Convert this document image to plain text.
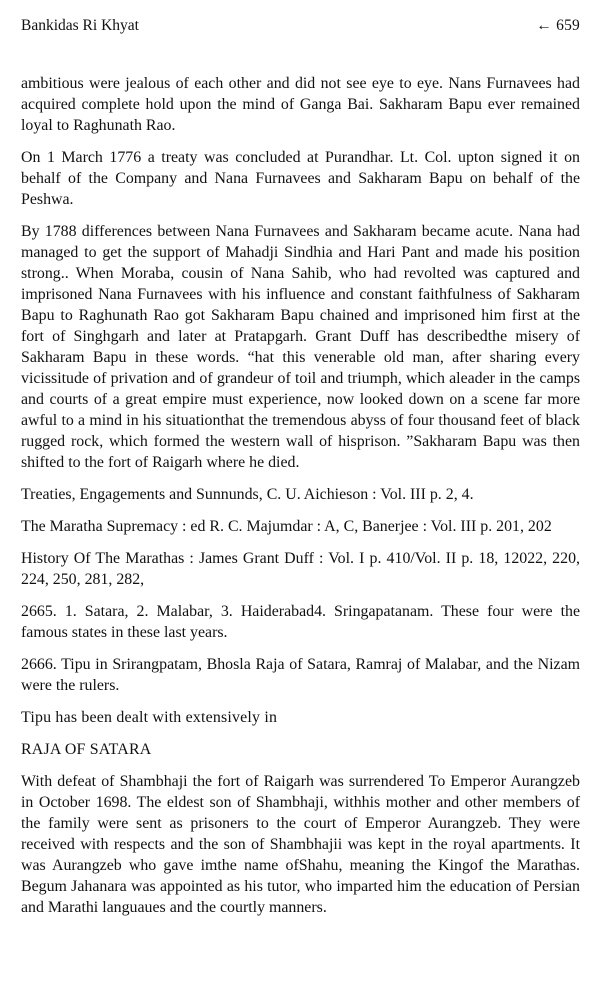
Bankidas Ri Khyat	← 659

ambitious were jealous of each other and did not see eye to eye. Nans Furnavees had acquired complete hold upon the mind of Ganga Bai. Sakharam Bapu ever remained loyal to Raghunath Rao.

On 1 March 1776 a treaty was concluded at Purandhar. Lt. Col. upton signed it on behalf of the Company and Nana Furnavees and Sakharam Bapu on behalf of the Peshwa.

By 1788 differences between Nana Furnavees and Sakharam became acute. Nana had managed to get the support of Mahadji Sindhia and Hari Pant and made his position strong.. When Moraba, cousin of Nana Sahib, who had revolted was captured and imprisoned Nana Furnavees with his influence and constant faithfulness of Sakharam Bapu to Raghunath Rao got Sakharam Bapu chained and imprisoned him first at the fort of Singhgarh and later at Pratapgarh. Grant Duff has describedthe misery of Sakharam Bapu in these words. “hat this venerable old man, after sharing every vicissitude of privation and of grandeur of toil and triumph, which aleader in the camps and courts of a great empire must experience, now looked down on a scene far more awful to a mind in his situationthat the tremendous abyss of four thousand feet of black rugged rock, which formed the western wall of hisprison. ”Sakharam Bapu was then shifted to the fort of Raigarh where he died.

Treaties, Engagements and Sunnunds, C. U. Aichieson : Vol. III p. 2, 4.

The Maratha Supremacy : ed R. C. Majumdar : A, C, Banerjee : Vol. III p. 201, 202

History Of The Marathas : James Grant Duff : Vol. I p. 410/Vol. II p. 18, 12022, 220, 224, 250, 281, 282,

2665. 1. Satara, 2. Malabar, 3. Haiderabad4. Sringapatanam. These four were the famous states in these last years.

2666. Tipu in Srirangpatam, Bhosla Raja of Satara, Ramraj of Malabar, and the Nizam were the rulers.

Tipu has been dealt with extensively in

RAJA OF SATARA

With defeat of Shambhaji the fort of Raigarh was surrendered To Emperor Aurangzeb in October 1698. The eldest son of Shambhaji, withhis mother and other members of the family were sent as prisoners to the court of Emperor Aurangzeb. They were received with respects and the son of Shambhajii was kept in the royal apartments. It was Aurangzeb who gave imthe name ofShahu, meaning the Kingof the Marathas. Begum Jahanara was appointed as his tutor, who imparted him the education of Persian and Marathi languaues and the courtly manners.
